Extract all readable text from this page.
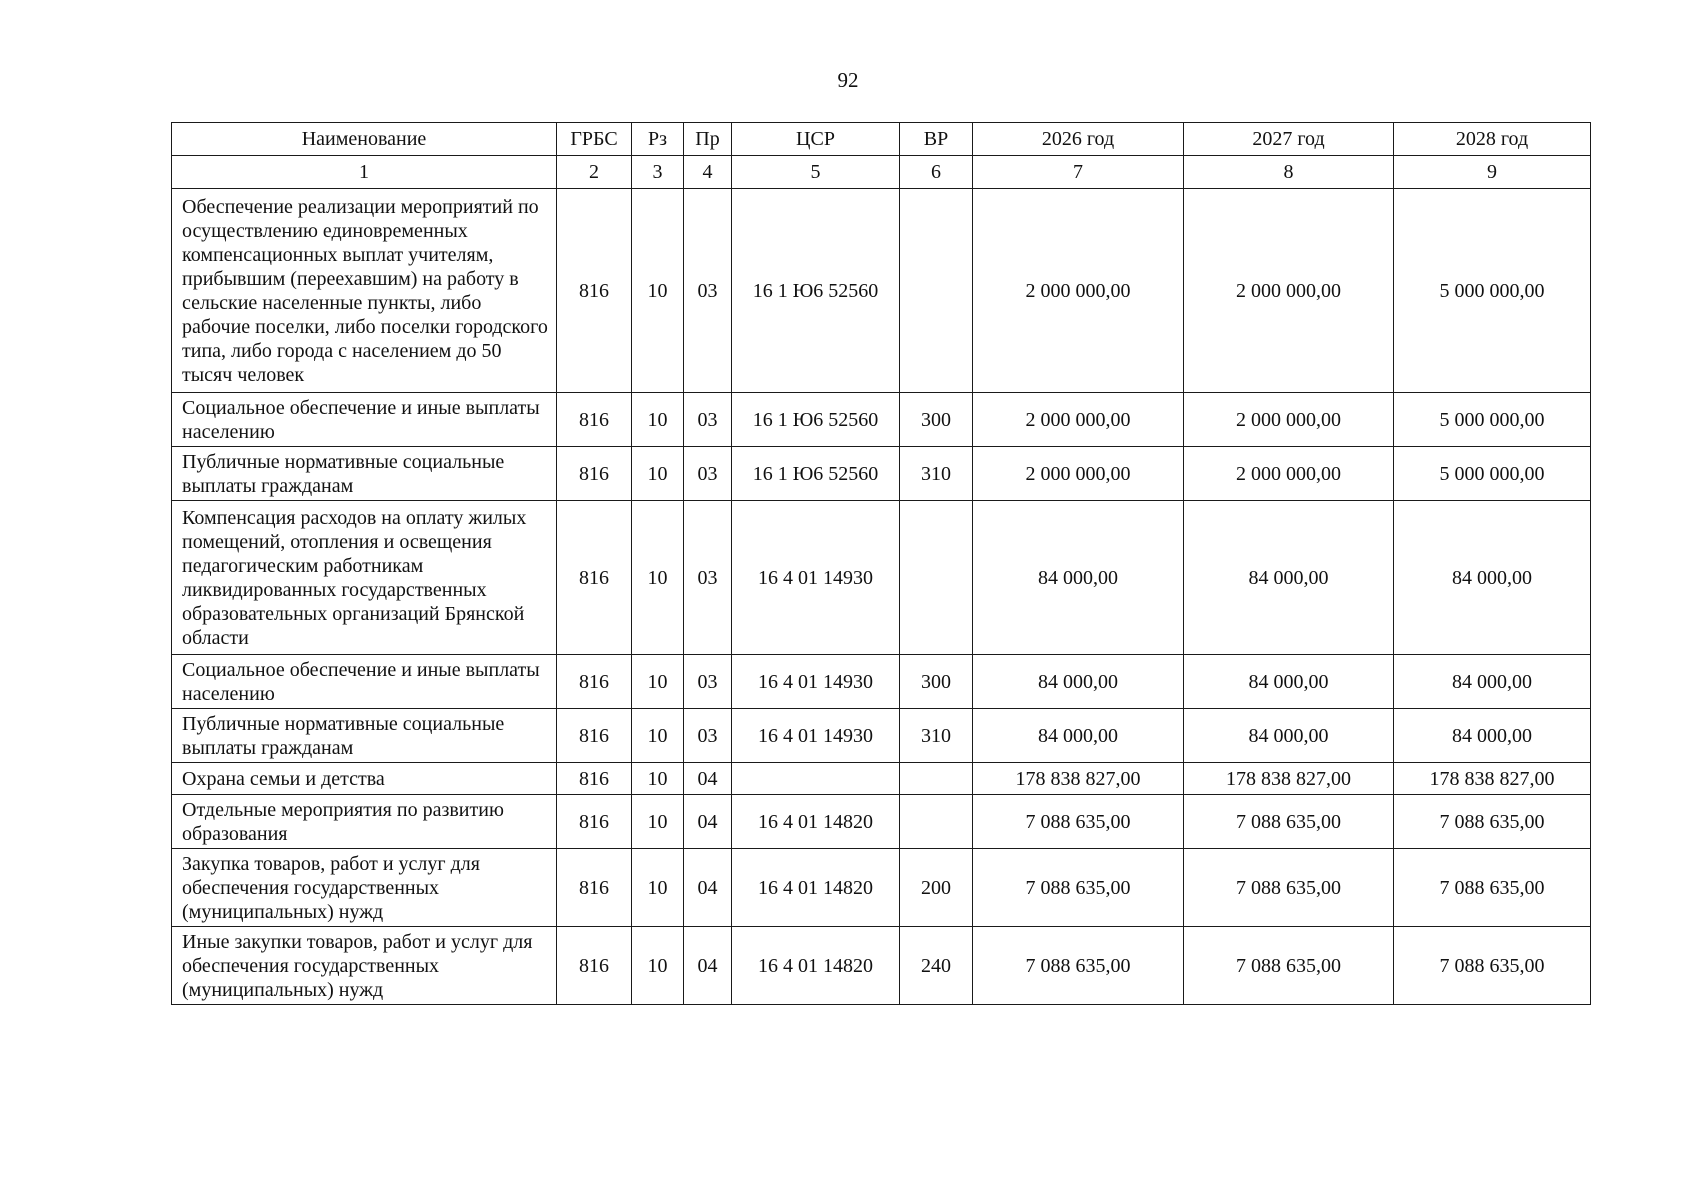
92
Наименование	ГРБС	Рз	Пр	ЦСР	ВР	2026 год	2027 год	2028 год
1	2	3	4	5	6	7	8	9
Обеспечение реализации мероприятий по осуществлению единовременных компенсационных выплат учителям, прибывшим (переехавшим) на работу в сельские населенные пункты, либо рабочие поселки, либо поселки городского типа, либо города с населением до 50 тысяч человек	816	10	03	16 1 Ю6 52560		2 000 000,00	2 000 000,00	5 000 000,00
Социальное обеспечение и иные выплаты населению	816	10	03	16 1 Ю6 52560	300	2 000 000,00	2 000 000,00	5 000 000,00
Публичные нормативные социальные выплаты гражданам	816	10	03	16 1 Ю6 52560	310	2 000 000,00	2 000 000,00	5 000 000,00
Компенсация расходов на оплату жилых помещений, отопления и освещения педагогическим работникам ликвидированных государственных образовательных организаций Брянской области	816	10	03	16 4 01 14930		84 000,00	84 000,00	84 000,00
Социальное обеспечение и иные выплаты населению	816	10	03	16 4 01 14930	300	84 000,00	84 000,00	84 000,00
Публичные нормативные социальные выплаты гражданам	816	10	03	16 4 01 14930	310	84 000,00	84 000,00	84 000,00
Охрана семьи и детства	816	10	04			178 838 827,00	178 838 827,00	178 838 827,00
Отдельные мероприятия по развитию образования	816	10	04	16 4 01 14820		7 088 635,00	7 088 635,00	7 088 635,00
Закупка товаров, работ и услуг для обеспечения государственных (муниципальных) нужд	816	10	04	16 4 01 14820	200	7 088 635,00	7 088 635,00	7 088 635,00
Иные закупки товаров, работ и услуг для обеспечения государственных (муниципальных) нужд	816	10	04	16 4 01 14820	240	7 088 635,00	7 088 635,00	7 088 635,00
